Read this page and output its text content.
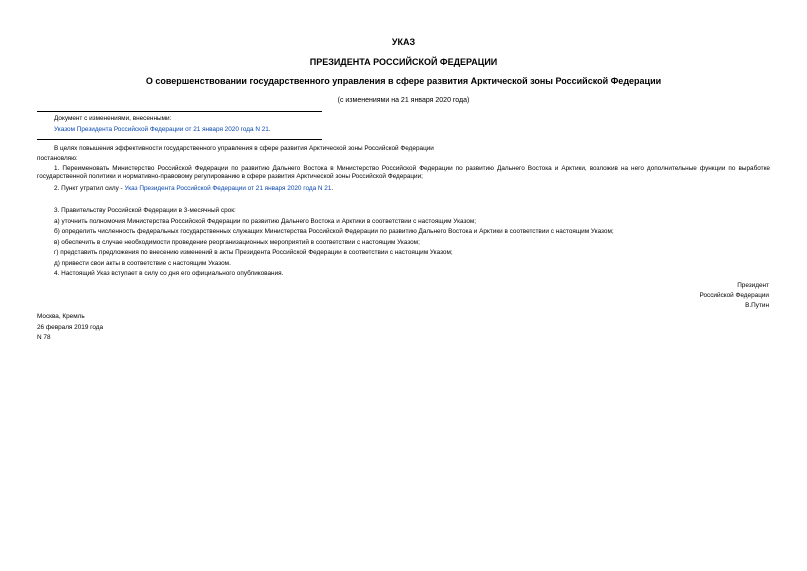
УКАЗ
ПРЕЗИДЕНТА РОССИЙСКОЙ ФЕДЕРАЦИИ
О совершенствовании государственного управления в сфере развития Арктической зоны Российской Федерации
(с изменениями на 21 января 2020 года)
Документ с изменениями, внесенными:
Указом Президента Российской Федерации от 21 января 2020 года N 21.
В целях повышения эффективности государственного управления в сфере развития Арктической зоны Российской Федерации
постановляю:
1. Переименовать Министерство Российской Федерации по развитию Дальнего Востока в Министерство Российской Федерации по развитию Дальнего Востока и Арктики, возложив на него дополнительные функции по выработке государственной политики и нормативно-правовому регулированию в сфере развития Арктической зоны Российской Федерации;
2. Пункт утратил силу - Указ Президента Российской Федерации от 21 января 2020 года N 21.
3. Правительству Российской Федерации в 3-месячный срок:
а) уточнить полномочия Министерства Российской Федерации по развитию Дальнего Востока и Арктики в соответствии с настоящим Указом;
б) определить численность федеральных государственных служащих Министерства Российской Федерации по развитию Дальнего Востока и Арктики в соответствии с настоящим Указом;
в) обеспечить в случае необходимости проведение реорганизационных мероприятий в соответствии с настоящим Указом;
г) представить предложения по внесению изменений в акты Президента Российской Федерации в соответствии с настоящим Указом;
д) привести свои акты в соответствие с настоящим Указом.
4. Настоящий Указ вступает в силу со дня его официального опубликования.
Президент
Российской Федерации
В.Путин
Москва, Кремль
26 февраля 2019 года
N 78
